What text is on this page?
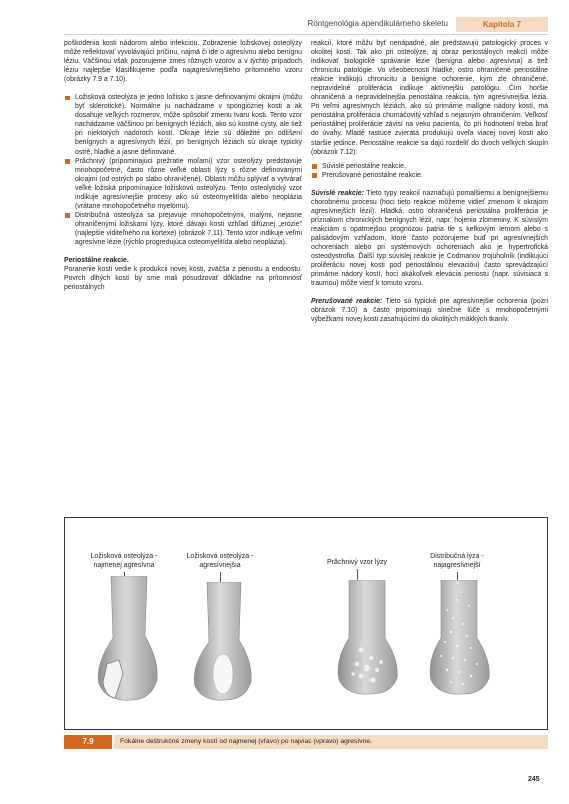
Röntgenológia apendikulárneho skeletu	Kapitola 7

poškodenia kosti nádorom alebo infekciou. Zobrazenie ložiskovej osteolýzy môže reflektovať vyvolávajúci príčinu, najmä či ide o agresívnu alebo benígnu léziu. Väčšinou však pozorujeme zmes rôznych vzorov a v týchto prípadoch léziu najlepšie klasifikujeme podľa najagresívnejšieho prítomného vzoru (obrázky 7.9 a 7.10).

Ložisková osteolýza je jedno ložisko s jasne definovanými okrajmi (môžu byť sklerotické). Normálne ju nachádzame v spongióznej kosti a ak dosahuje veľkých rozmerov, môže spôsobiť zmenu tvaru kosti. Tento vzor nachádzame väčšinou pri benígnych léziách, ako sú kostné cysty, ale tiež pri niektorých nádoroch kostí. Okraje lézie sú dôležité pri odlíšení benígnych a agresívnych lézií, pri benígnych léziách sú okraje typicky ostré, hladké a jasne definované.
Prăchnivý (prípominajúci prežratie moľami) vzor osteolýzy predstavuje mnohopočetné, často rôzne veľké oblasti lýzy s rôzne definovanými okrajmi (od ostrých po slabo ohraničené). Oblasti môžu splývať a vytvárať veľké ložiská pripomínajúce ložiskovú osteolýzu. Tento osteolytický vzor indikuje agresívnejšie procesy ako sú osteomyelitída alebo neoplázia (vrátane mnohopočetného myelómu).
Distribučná osteolýza sa prejavuje mnohopočetnými, malými, nejasne ohraničenými ložiskami lýzy, ktoré dávajú kosti vzhľad difúznej „erózie" (najlepšie viditeľného na kortexe) (obrázok 7.11). Tento vzor indikuje veľmi agresívne lézie (rýchlo progredujúca osteomyelitída alebo neoplázia).

Periostálne reakcie.

Poranenie kosti vedie k produkcii novej kosti, zväčša z periostu a endoostu. Povrch dlhých kostí by sme mali posudzovať dôkladne na prítomnosť periostálnych

reakcií, ktoré môžu byť nenápadné, ale predstavujú patologický proces v okolitej kosti. Tak ako pri osteolýze, aj obraz periostálnych reakcií môže indikovať biologické správanie lézie (benígna alebo agresívna) a tiež chronicitu patológie. Vo všeobecnosti hladké, ostro ohraničené periostálne reakcie indikujú chronicitu a benígne ochorenie, kým zle ohraničené, nepravidelné proliferácia indikuje aktívnejšiu patológiu. Čím horšie ohraničená a nepravidelnejšia periostálna reakcia, tým agresívnejšia lézia. Pri veľmi agresívnych léziách, ako sú primárne malígne nádory kostí, má periostálna proliferácia chumáčovitý vzhľad s nejasným ohraničením. Veľkosť periostálnej proliferácie závisí na veku pacienta, čo pri hodnotení treba brať do úvahy. Mladé rastúce zvieratá produkujú oveľa viacej novej kosti ako staršie jedince. Periostálne reakcie sa dajú rozdeliť do dvoch veľkých skupín (obrázok 7.12):

Súvislé periostálne reakcie.
Prerušované periostálne reakcie.

Súvislé reakcie: Tieto typy reakcií naznačujú pomalšiemu a benígnejšiemu chorobnému procesu (hoci tieto reakcie môžeme vidieť zmenom k okrajom agresívnejších lézií). Hladká, ostro ohraničená periostálna proliferácia je príznakom chronických benígnych lézií, napr. hojenia zlomeniny. K súvislým reakciám s opatrnejšou prognózou patria tie s kefkovým lemom alebo s palisádovým vzhľadom, ktoré často pozorujeme buď pri agresívnejších ochoreniach alebo pri systémových ochoreniach ako je hypertrofická osteodystrofia. Ďalší typ súvislej reakcie je Codmanov trojuholník (indikujúci proliferáciu novej kosti pod periostálnou elevacióu) často sprevádzajúcí primárne nádory kostí, hoci akákoľvek elevácia periostu (napr. súvisiaca s traumou) môže viesť k tomuto vzoru.

Prerušované reakcie: Tieto sú typické pre agresívnejšie ochorenia (pozri obrázok 7.10) a často pripomínajú slnečné lúče s mnohopočetnými výbežkami novej kosti zasahujúcimi do okolitých mäkkých tkanív.

Ložisková osteolýza - najmenej agresívna
Ložisková osteolýza - agresívnejšia	Prăchnivý vzor lýzy
Distribučná lýza - najagresívnejší
7.9	Fokálne deštrukčné zmeny kostí od najmenej (vľavo) po najviac (vpravo) agresívne.
245
